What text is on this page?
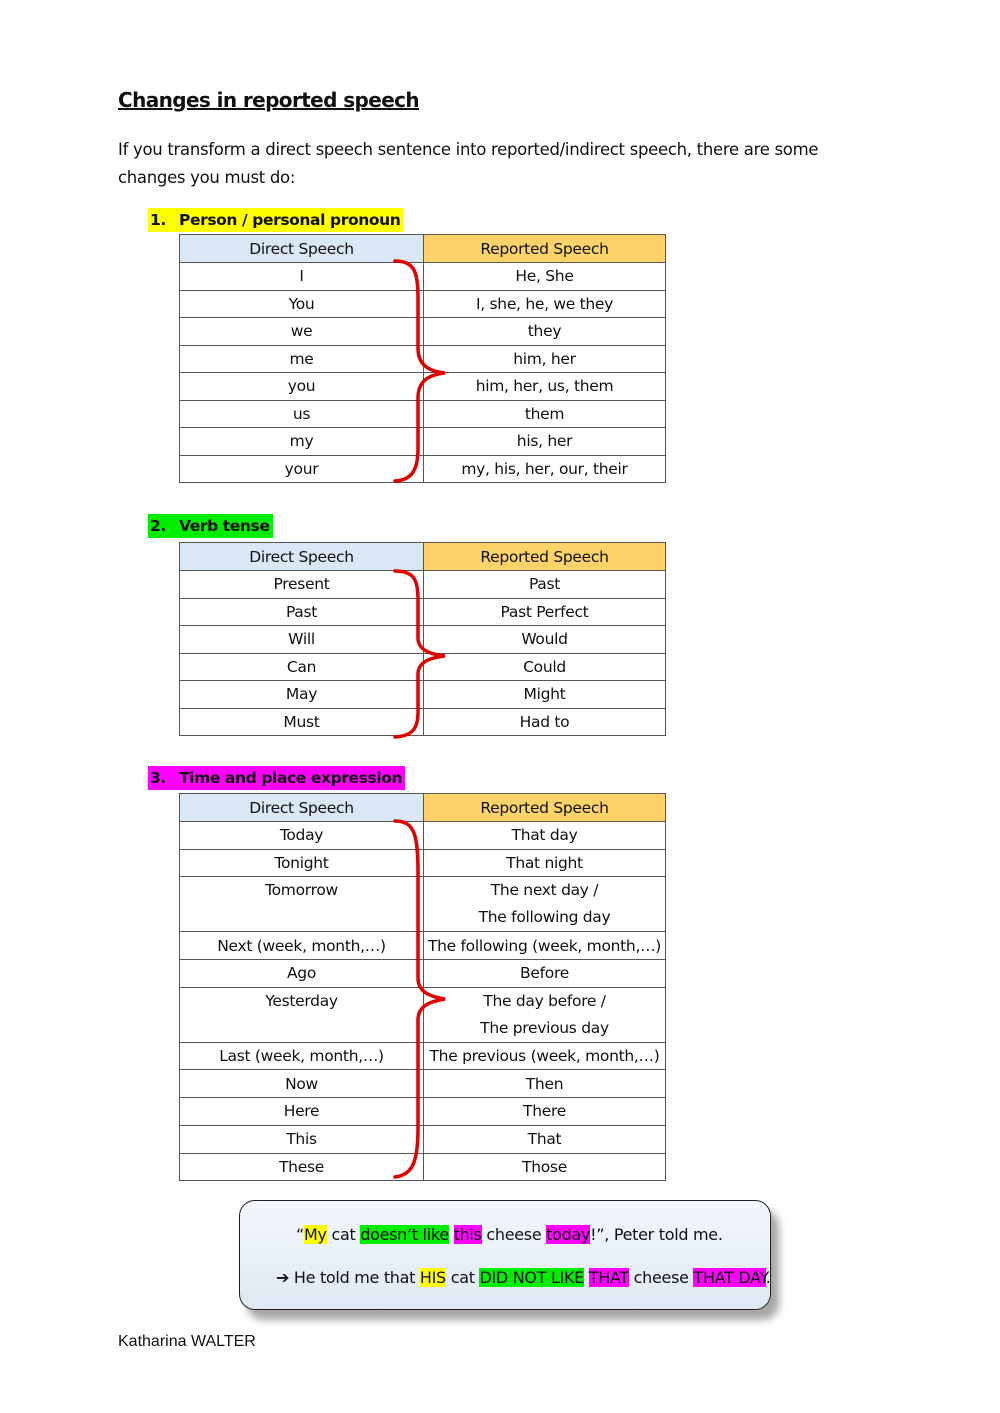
Changes in reported speech
If you transform a direct speech sentence into reported/indirect speech, there are some changes you must do:
1. Person / personal pronoun
Direct Speech	Reported Speech
I	He, She
You	I, she, he, we they
we	they
me	him, her
you	him, her, us, them
us	them
my	his, her
your	my, his, her, our, their
2. Verb tense
Direct Speech	Reported Speech
Present	Past
Past	Past Perfect
Will	Would
Can	Could
May	Might
Must	Had to
3. Time and place expression
Direct Speech	Reported Speech
Today	That day
Tonight	That night
Tomorrow	The next day /
The following day

Next (week, month,…)	The following (week, month,…)
Ago	Before
Yesterday	The day before /
The previous day

Last (week, month,…)	The previous (week, month,…)
Now	Then
Here	There
This	That
These	Those
“My cat doesn’t like this cheese today!”, Peter told me.
➔ He told me that HIS cat DID NOT LIKE THAT cheese THAT DAY.
Katharina WALTER
